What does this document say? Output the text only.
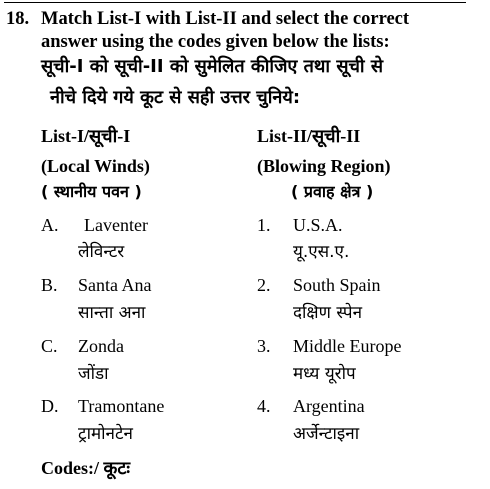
18. Match List-I with List-II and select the correct
answer using the codes given below the lists:
सूची-I को सूची-II को सुमेलित कीजिए तथा सूची से
नीचे दिये गये कूट से सही उत्तर चुनिये:
List-I/सूची-I
(Local Winds)
( स्थानीय पवन )
List-II/सूची-II
(Blowing Region)
( प्रवाह क्षेत्र )
A. Laventer
लेविन्टर
1. U.S.A.
यू.एस.ए.
B. Santa Ana
सान्ता अना
2. South Spain
दक्षिण स्पेन
C. Zonda
जोंडा
3. Middle Europe
मध्य यूरोप
D. Tramontane
ट्रामोनटेन
4. Argentina
अर्जेन्टाइना
Codes:/ कूटः
